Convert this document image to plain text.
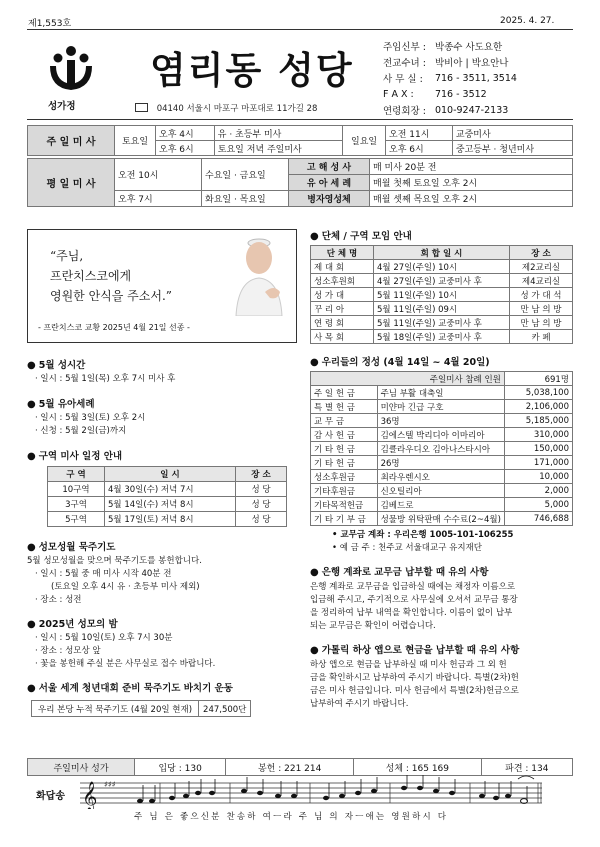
제1,553호	2025. 4. 27.
성가정
염리동 성당
04140 서울시 마포구 마포대로 11가길 28
주임신부 :	박종수 사도요한
전교수녀 :	박비아 | 박요안나
사 무 실 :	716 - 3511, 3514
F A X :	716 - 3512
연령회장 :	010-9247-2133
주 일 미 사	토요일	오후 4시	유 · 초등부 미사	일요일	오전 11시	교중미사
		오후 6시	토요일 저녁 주일미사		오후 6시	중고등부 · 청년미사
평 일 미 사	오전 10시	수요일 · 금요일	고 해 성 사	매 미사 20분 전
			유 아 세 례	매월 첫째 토요일 오후 2시
	오후 7시	화요일 · 목요일	병자영성체	매월 셋째 목요일 오후 2시
“주님,
프란치스코에게
영원한 안식을 주소서.”
- 프란치스코 교황 2025년 4월 21일 선종 -
● 5월 성시간
· 일시 : 5월 1일(목) 오후 7시 미사 후
● 5월 유아세례
· 일시 : 5월 3일(토) 오후 2시
· 신청 : 5월 2일(금)까지
● 구역 미사 일정 안내
구 역	일 시	장 소
10구역	4월 30일(수) 저녁 7시	성 당
3구역	5월 14일(수) 저녁 8시	성 당
5구역	5월 17일(토) 저녁 8시	성 당
● 성모성월 묵주기도
5월 성모성월을 맞으며 묵주기도를 봉헌합니다.
· 일시 : 5월 중 매 미사 시작 40분 전
(토요일 오후 4시 유 · 초등부 미사 제외)
· 장소 : 성전
● 2025년 성모의 밤
· 일시 : 5월 10일(토) 오후 7시 30분
· 장소 : 성모상 앞
· 꽃을 봉헌해 주실 분은 사무실로 접수 바랍니다.
● 서울 세계 청년대회 준비 묵주기도 바치기 운동
우리 본당 누적 묵주기도 (4월 20일 현재)	247,500단
● 단체 / 구역 모임 안내
단 체 명	회 합 일 시	장 소
제 대 회	4월 27일(주일) 10시	제2교리실
성소후원회	4월 27일(주일) 교중미사 후	제4교리실
성 가 대	5월 11일(주일) 10시	성 가 대 석
꾸 리 아	5월 11일(주일) 09시	만 남 의 방
연 령 회	5월 11일(주일) 교중미사 후	만 남 의 방
사 목 회	5월 18일(주일) 교중미사 후	카 페
● 우리들의 정성 (4월 14일 ~ 4월 20일)
주일미사 참례 인원		691명
주 일 헌 금	주님 부활 대축일	5,038,100
특 별 헌 금	미얀마 긴급 구호	2,106,000
교 무 금	36명	5,185,000
감 사 헌 금	김에스텔 박리디아 이마리아	310,000
기 타 헌 금	김클라우디오 김아나스타시아	150,000
기 타 헌 금	26명	171,000
성소후원금	최라우렌시오	10,000
기타후원금	신오틸리아	2,000
기타목적헌금	김베드로	5,000
기 타 기 부 금	성물방 위탁판매 수수료(2~4월)	746,688
• 교무금 계좌 : 우리은행 1005-101-106255
• 예 금 주 : 천주교 서울대교구 유지재단
● 은행 계좌로 교무금 납부할 때 유의 사항
은행 계좌로 교무금을 입금하실 때에는 채정자 이름으로
입금해 주시고, 주기적으로 사무실에 오셔서 교무금 통장
을 정리하여 납부 내역을 확인합니다. 이름이 없이 납부
되는 교무금은 확인이 어렵습니다.
● 가톨릭 하상 앱으로 현금을 납부할 때 유의 사항
하상 앱으로 현금을 납부하실 때 미사 헌금과 그 외 헌
금을 확인하시고 납부하여 주시기 바랍니다. 특별(2차)헌
금은 미사 헌금입니다. 미사 헌금에서 특별(2차)헌금으로
납부하여 주시기 바랍니다.
주일미사 성가	입당 : 130	봉헌 : 221 214	성체 : 165 169	파견 : 134
화답송 𝄞 ♯♯♯
주 님 은 좋으신분 찬송하 여ㅡ라 주 님 의 자ㅡ애는 영원하시 다
